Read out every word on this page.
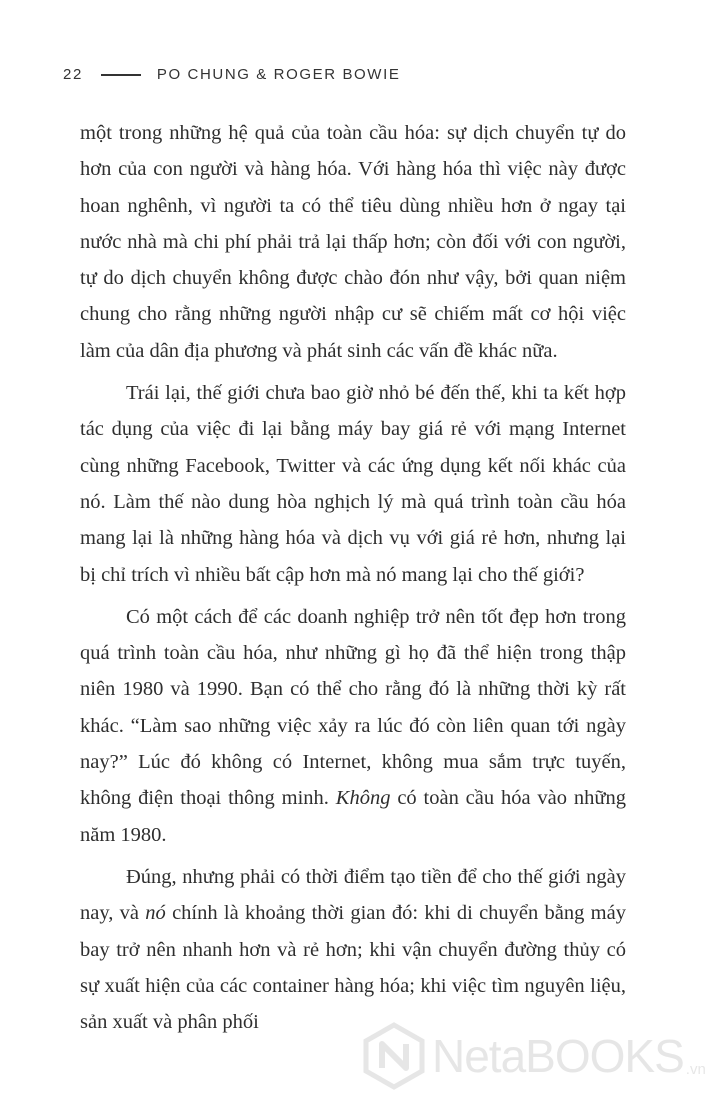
22	PO CHUNG & ROGER BOWIE

một trong những hệ quả của toàn cầu hóa: sự dịch chuyển tự do hơn của con người và hàng hóa. Với hàng hóa thì việc này được hoan nghênh, vì người ta có thể tiêu dùng nhiều hơn ở ngay tại nước nhà mà chi phí phải trả lại thấp hơn; còn đối với con người, tự do dịch chuyển không được chào đón như vậy, bởi quan niệm chung cho rằng những người nhập cư sẽ chiếm mất cơ hội việc làm của dân địa phương và phát sinh các vấn đề khác nữa.

Trái lại, thế giới chưa bao giờ nhỏ bé đến thế, khi ta kết hợp tác dụng của việc đi lại bằng máy bay giá rẻ với mạng Internet cùng những Facebook, Twitter và các ứng dụng kết nối khác của nó. Làm thế nào dung hòa nghịch lý mà quá trình toàn cầu hóa mang lại là những hàng hóa và dịch vụ với giá rẻ hơn, nhưng lại bị chỉ trích vì nhiều bất cập hơn mà nó mang lại cho thế giới?

Có một cách để các doanh nghiệp trở nên tốt đẹp hơn trong quá trình toàn cầu hóa, như những gì họ đã thể hiện trong thập niên 1980 và 1990. Bạn có thể cho rằng đó là những thời kỳ rất khác. “Làm sao những việc xảy ra lúc đó còn liên quan tới ngày nay?” Lúc đó không có Internet, không mua sắm trực tuyến, không điện thoại thông minh. Không có toàn cầu hóa vào những năm 1980.

Đúng, nhưng phải có thời điểm tạo tiền để cho thế giới ngày nay, và nó chính là khoảng thời gian đó: khi di chuyển bằng máy bay trở nên nhanh hơn và rẻ hơn; khi vận chuyển đường thủy có sự xuất hiện của các container hàng hóa; khi việc tìm nguyên liệu, sản xuất và phân phối

NetaBOOKS .vn
